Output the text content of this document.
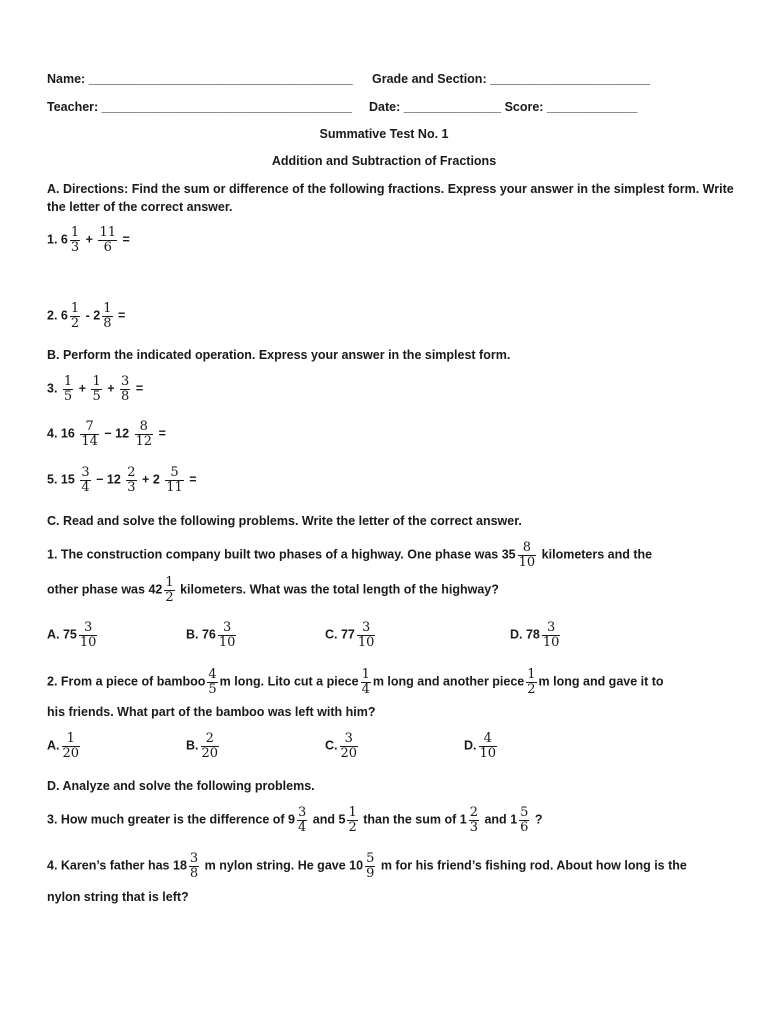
Name: ______________________________________ Grade and Section: _______________________
Teacher: ____________________________________ Date: ______________ Score: _____________
Summative Test No. 1
Addition and Subtraction of Fractions
A. Directions: Find the sum or difference of the following fractions. Express your answer in the simplest form. Write
the letter of the correct answer.
1. $6 \frac{1}{3} + \frac{11}{6}$ =
2. $6 \frac{1}{2} - 2 \frac{1}{8}$ =
B. Perform the indicated operation. Express your answer in the simplest form.
3. $\frac{1}{5} + \frac{1}{5} + \frac{3}{8}$ =
4. $16 \frac{7}{14} - 12 \frac{8}{12}$ =
5. $15 \frac{3}{4} - 12 \frac{2}{3} + 2 \frac{5}{11}$ =
C. Read and solve the following problems. Write the letter of the correct answer.
1. The construction company built two phases of a highway. One phase was $35 \frac{8}{10}$ kilometers and the
other phase was $42 \frac{1}{2}$ kilometers. What was the total length of the highway?
A. $75 \frac{3}{10}$	B. $76 \frac{3}{10}$	C. $77 \frac{3}{10}$	D. $78 \frac{3}{10}$
2. From a piece of bamboo $\frac{4}{5}$ m long. Lito cut a piece $\frac{1}{4}$ m long and another piece $\frac{1}{2}$ m long and gave it to
his friends. What part of the bamboo was left with him?
A. $\frac{1}{20}$	B. $\frac{2}{20}$	C. $\frac{3}{20}$	D. $\frac{4}{10}$
D. Analyze and solve the following problems.
3. How much greater is the difference of $9 \frac{3}{4}$ and $5 \frac{1}{2}$ than the sum of $1 \frac{2}{3}$ and $1 \frac{5}{6}$ ?
4. Karen’s father has $18 \frac{3}{8}$ m nylon string. He gave $10 \frac{5}{9}$ m for his friend’s fishing rod. About how long is the
nylon string that is left?
